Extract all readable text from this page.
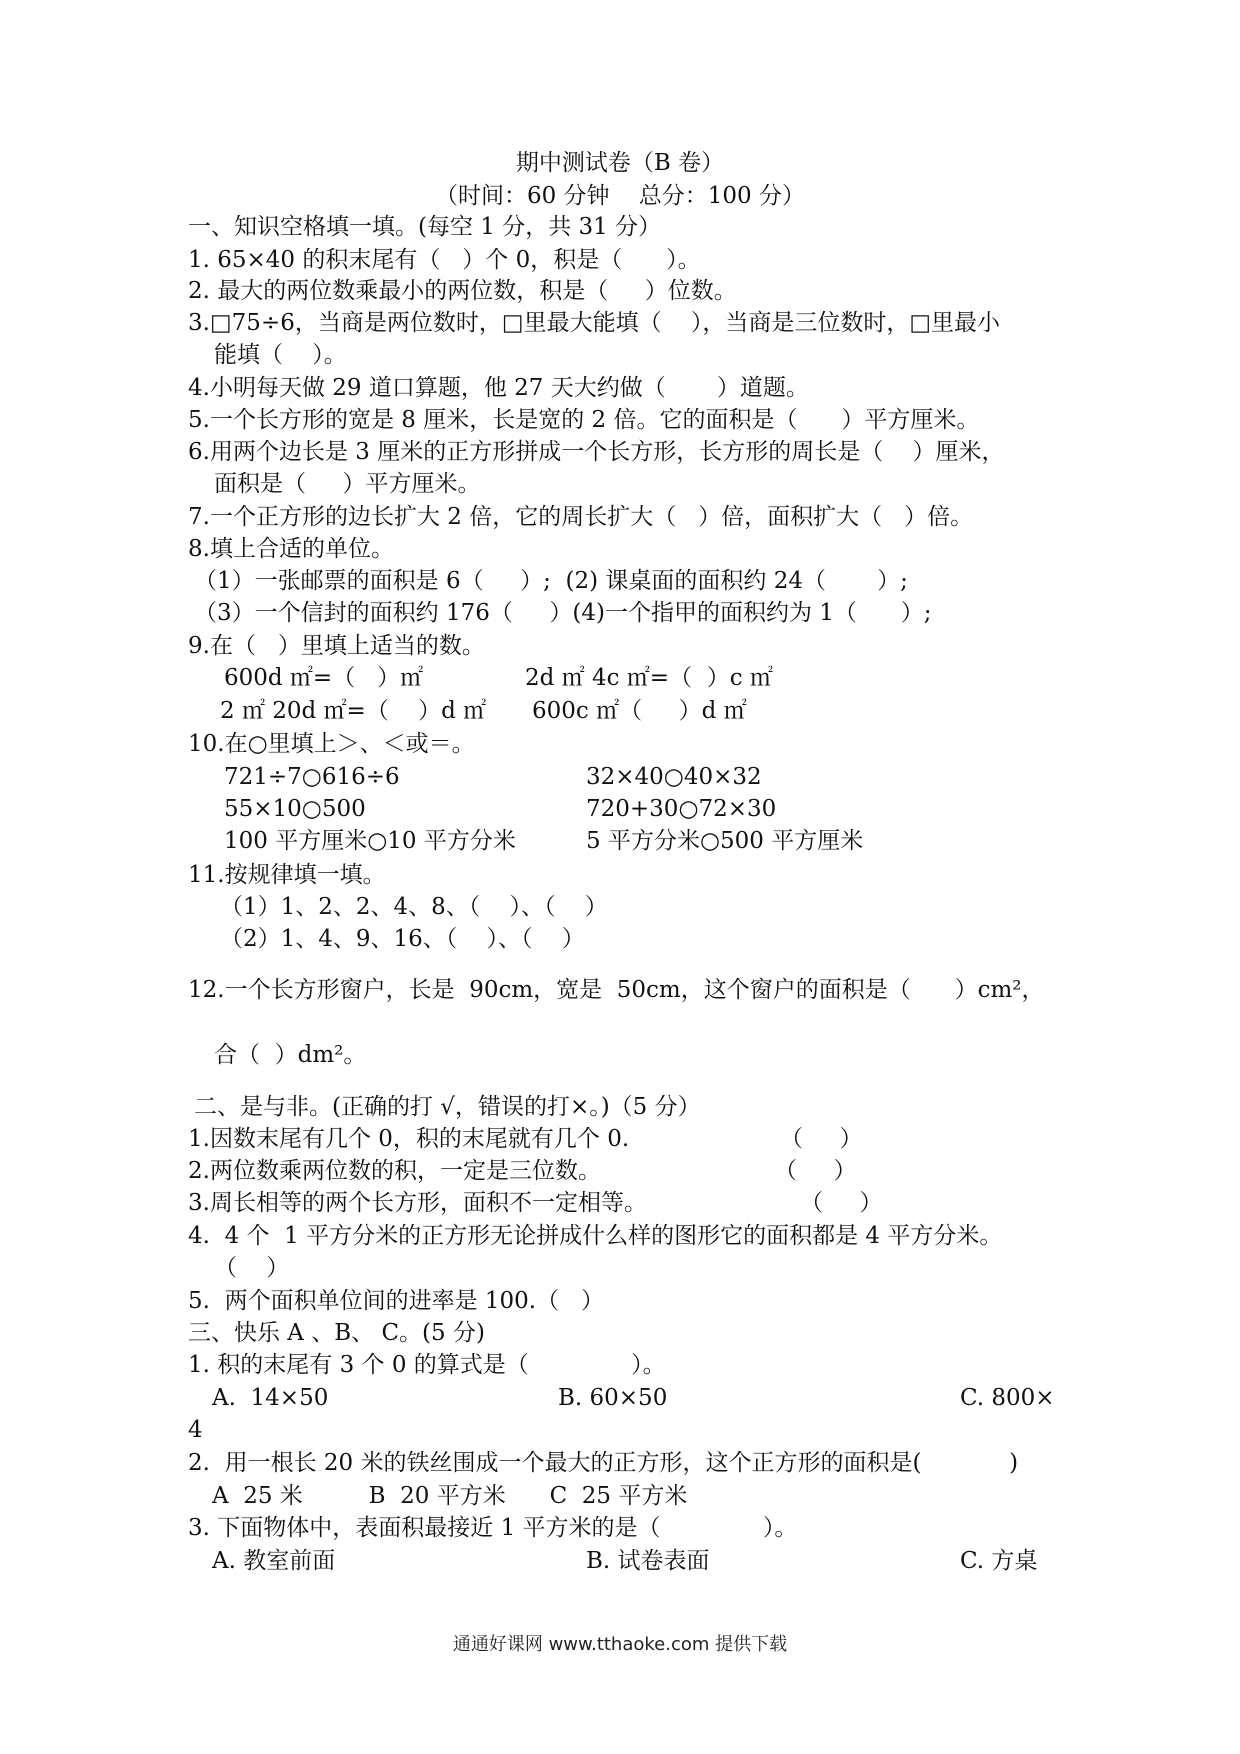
期中测试卷（B 卷）
（时间：60 分钟    总分：100 分）
一、知识空格填一填。(每空 1 分，共 31 分）
1. 65×40 的积末尾有（   ）个 0，积是（      ）。
2. 最大的两位数乘最小的两位数，积是（     ）位数。
3.□75÷6，当商是两位数时，□里最大能填（    ），当商是三位数时，□里最小
能填（    ）。
4.小明每天做 29 道口算题，他 27 天大约做（       ）道题。
5.一个长方形的宽是 8 厘米，长是宽的 2 倍。它的面积是（      ）平方厘米。
6.用两个边长是 3 厘米的正方形拼成一个长方形，长方形的周长是（    ）厘米，
面积是（     ）平方厘米。
7.一个正方形的边长扩大 2 倍，它的周长扩大（   ）倍，面积扩大（   ）倍。
8.填上合适的单位。
（1）一张邮票的面积是 6（     ）;  (2) 课桌面的面积约 24（       ）;
（3）一个信封的面积约 176（     ）(4)一个指甲的面积约为 1（      ）;
9.在（   ）里填上适当的数。
600d ㎡=（   ）㎡	2d ㎡ 4c ㎡=（  ）c ㎡
2 ㎡ 20d ㎡=（    ）d ㎡ 600c ㎡（     ）d ㎡
10.在○里填上＞、＜或＝。
721÷7○616÷6	32×40○40×32
55×10○500	720+30○72×30
100 平方厘米○10 平方分米	5 平方分米○500 平方厘米
11.按规律填一填。
（1）1、2、2、4、8、（    ）、（    ）
（2）1、4、9、16、（    ）、（    ）
12.一个长方形窗户，长是  90cm，宽是  50cm，这个窗户的面积是（      ）cm²，
合（  ）dm²。
二、是与非。(正确的打 √，错误的打×。)（5 分）
1.因数末尾有几个 0，积的末尾就有几个 0.	（     ）
2.两位数乘两位数的积，一定是三位数。	（     ）
3.周长相等的两个长方形，面积不一定相等。	（     ）
4.  4 个  1 平方分米的正方形无论拼成什么样的图形它的面积都是 4 平方分米。
（    ）
5.  两个面积单位间的进率是 100.（   ）
三、快乐 A 、B、 C。(5 分)
1. 积的末尾有 3 个 0 的算式是（              ）。
A.  14×50	B. 60×50	C. 800×
4
2.  用一根长 20 米的铁丝围成一个最大的正方形，这个正方形的面积是(            )
A  25 米         B  20 平方米      C  25 平方米
3. 下面物体中，表面积最接近 1 平方米的是（              ）。
A. 教室前面	B. 试卷表面	C. 方桌
通通好课网 www.tthaoke.com 提供下载
